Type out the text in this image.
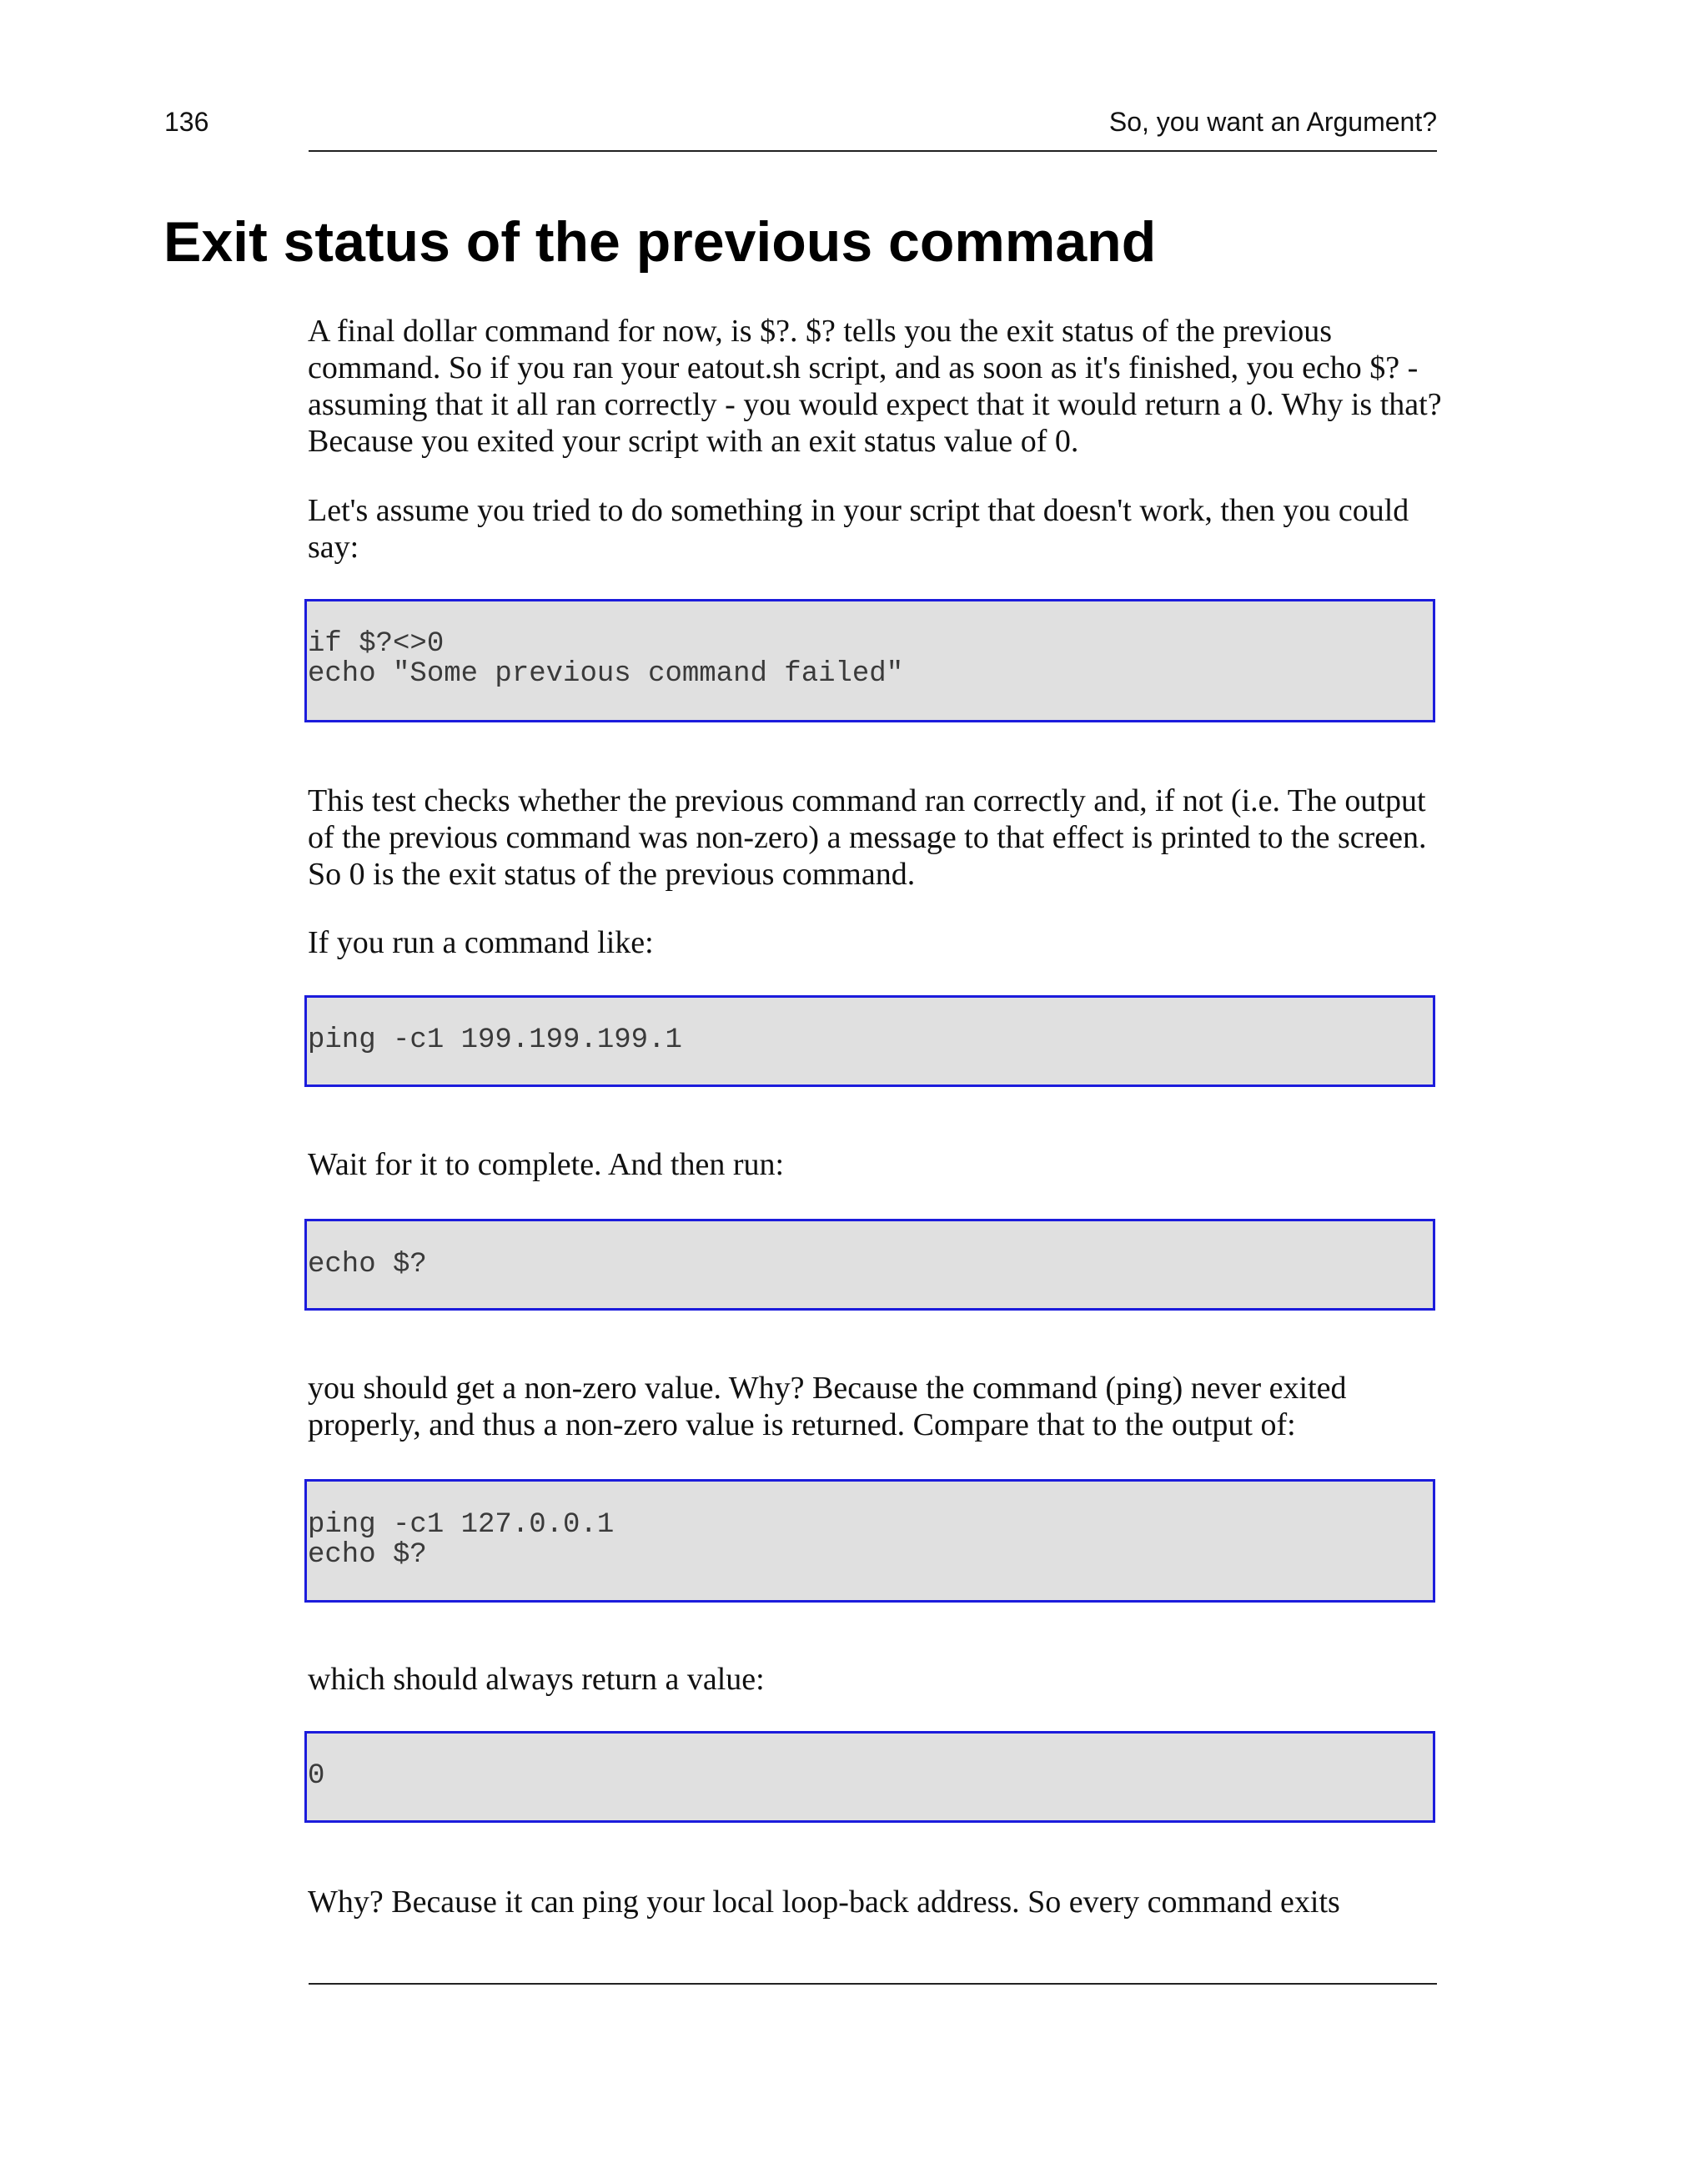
136	So, you want an Argument?
Exit status of the previous command

A final dollar command for now, is $?. $? tells you the exit status of the previous command. So if you ran your eatout.sh script, and as soon as it's finished, you echo $? - assuming that it all ran correctly - you would expect that it would return a 0. Why is that? Because you exited your script with an exit status value of 0.

Let's assume you tried to do something in your script that doesn't work, then you could say:

if $?<>0
echo "Some previous command failed"

This test checks whether the previous command ran correctly and, if not (i.e. The output of the previous command was non-zero) a message to that effect is printed to the screen. So 0 is the exit status of the previous command.

If you run a command like:

ping -c1 199.199.199.1

Wait for it to complete. And then run:

echo $?

you should get a non-zero value. Why? Because the command (ping) never exited properly, and thus a non-zero value is returned. Compare that to the output of:

ping -c1 127.0.0.1
echo $?

which should always return a value:

0

Why? Because it can ping your local loop-back address. So every command exits
